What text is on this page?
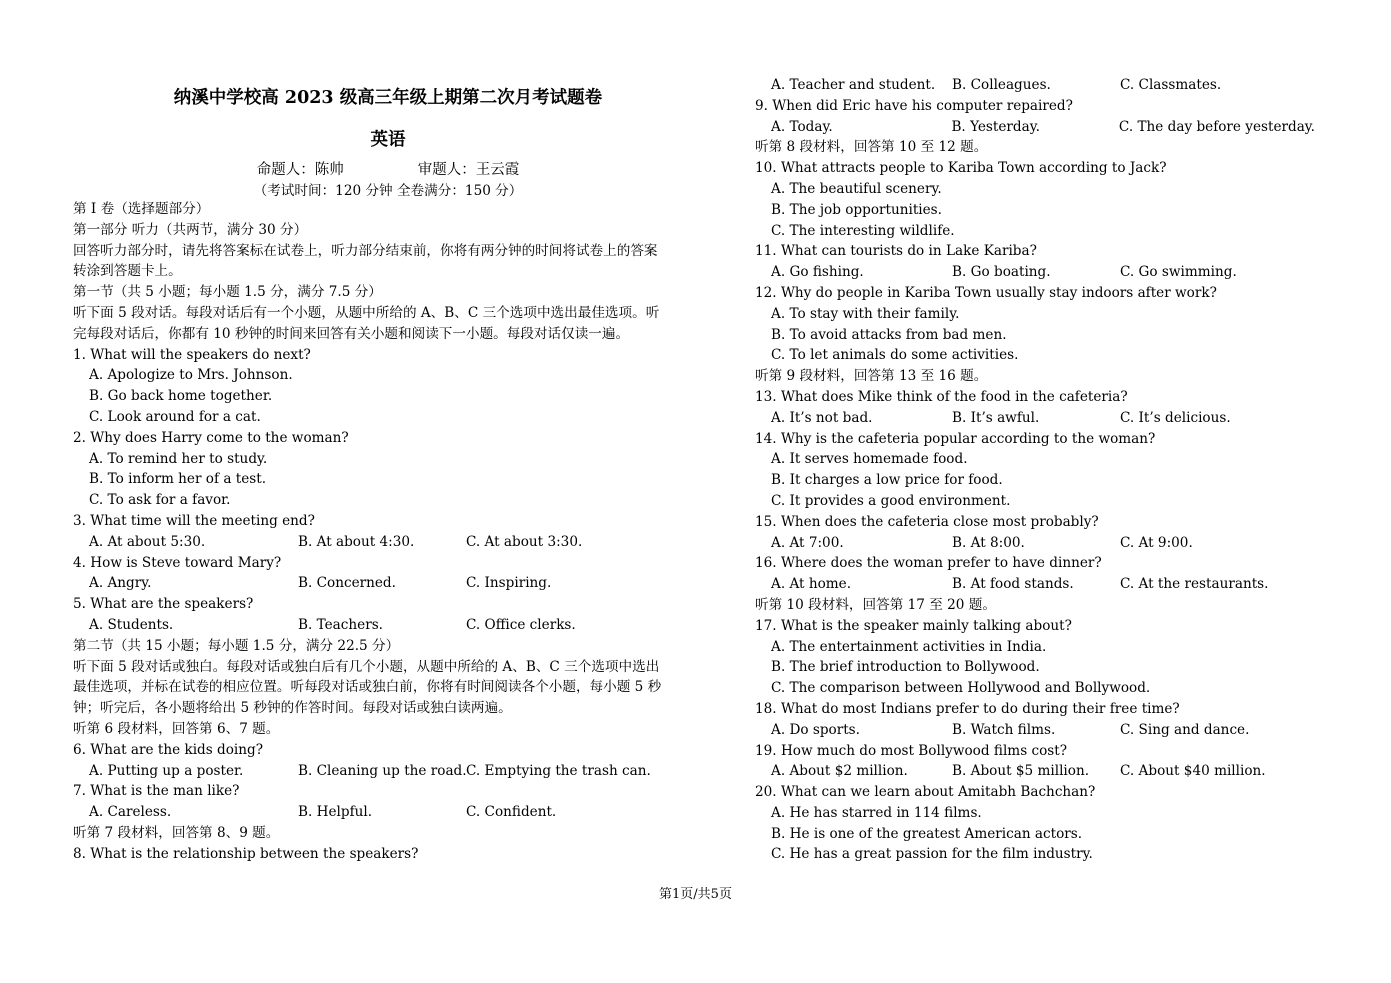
纳溪中学校高 2023 级高三年级上期第二次月考试题卷
英语
命题人：陈帅	审题人：王云霞
（考试时间：120 分钟 全卷满分：150 分）
第 I 卷（选择题部分）
第一部分 听力（共两节，满分 30 分）
回答听力部分时，请先将答案标在试卷上，听力部分结束前，你将有两分钟的时间将试卷上的答案
转涂到答题卡上。
第一节（共 5 小题；每小题 1.5 分，满分 7.5 分）
听下面 5 段对话。每段对话后有一个小题，从题中所给的 A、B、C 三个选项中选出最佳选项。听
完每段对话后，你都有 10 秒钟的时间来回答有关小题和阅读下一小题。每段对话仅读一遍。
1. What will the speakers do next?
A. Apologize to Mrs. Johnson.
B. Go back home together.
C. Look around for a cat.
2. Why does Harry come to the woman?
A. To remind her to study.
B. To inform her of a test.
C. To ask for a favor.
3. What time will the meeting end?
A. At about 5:30.	B. At about 4:30.	C. At about 3:30.
4. How is Steve toward Mary?
A. Angry.	B. Concerned.	C. Inspiring.
5. What are the speakers?
A. Students.	B. Teachers.	C. Office clerks.
第二节（共 15 小题；每小题 1.5 分，满分 22.5 分）
听下面 5 段对话或独白。每段对话或独白后有几个小题，从题中所给的 A、B、C 三个选项中选出
最佳选项，并标在试卷的相应位置。听每段对话或独白前，你将有时间阅读各个小题，每小题 5 秒
钟；听完后，各小题将给出 5 秒钟的作答时间。每段对话或独白读两遍。
听第 6 段材料，回答第 6、7 题。
6. What are the kids doing?
A. Putting up a poster.	B. Cleaning up the road. C. Emptying the trash can.
7. What is the man like?
A. Careless.	B. Helpful.	C. Confident.
听第 7 段材料，回答第 8、9 题。
8. What is the relationship between the speakers?
A. Teacher and student.	B. Colleagues.	C. Classmates.
9. When did Eric have his computer repaired?
A. Today.	B. Yesterday.	C. The day before yesterday.
听第 8 段材料，回答第 10 至 12 题。
10. What attracts people to Kariba Town according to Jack?
A. The beautiful scenery.
B. The job opportunities.
C. The interesting wildlife.
11. What can tourists do in Lake Kariba?
A. Go fishing.	B. Go boating.	C. Go swimming.
12. Why do people in Kariba Town usually stay indoors after work?
A. To stay with their family.
B. To avoid attacks from bad men.
C. To let animals do some activities.
听第 9 段材料，回答第 13 至 16 题。
13. What does Mike think of the food in the cafeteria?
A. It’s not bad.	B. It’s awful.	C. It’s delicious.
14. Why is the cafeteria popular according to the woman?
A. It serves homemade food.
B. It charges a low price for food.
C. It provides a good environment.
15. When does the cafeteria close most probably?
A. At 7:00.	B. At 8:00.	C. At 9:00.
16. Where does the woman prefer to have dinner?
A. At home.	B. At food stands.	C. At the restaurants.
听第 10 段材料，回答第 17 至 20 题。
17. What is the speaker mainly talking about?
A. The entertainment activities in India.
B. The brief introduction to Bollywood.
C. The comparison between Hollywood and Bollywood.
18. What do most Indians prefer to do during their free time?
A. Do sports.	B. Watch films.	C. Sing and dance.
19. How much do most Bollywood films cost?
A. About $2 million.	B. About $5 million.	C. About $40 million.
20. What can we learn about Amitabh Bachchan?
A. He has starred in 114 films.
B. He is one of the greatest American actors.
C. He has a great passion for the film industry.
第1页/共5页
